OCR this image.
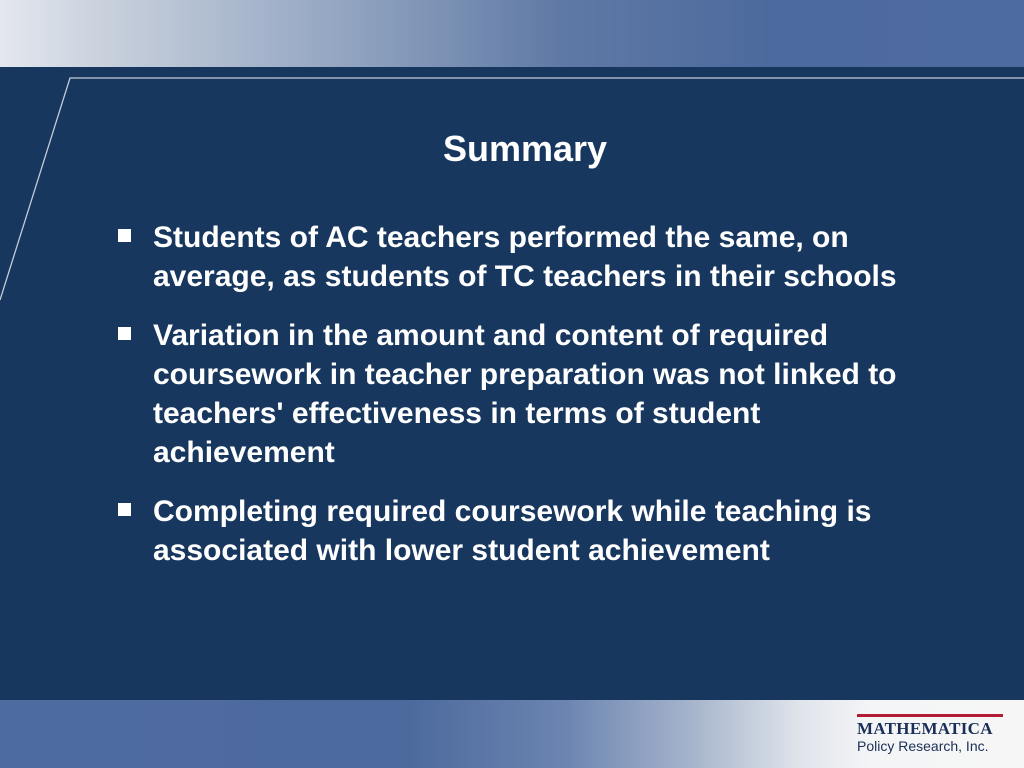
Summary
Students of AC teachers performed the same, on average, as students of TC teachers in their schools
Variation in the amount and content of required coursework in teacher preparation was not linked to teachers' effectiveness in terms of student achievement
Completing required coursework while teaching is associated with lower student achievement
MATHEMATICA
Policy Research, Inc.
